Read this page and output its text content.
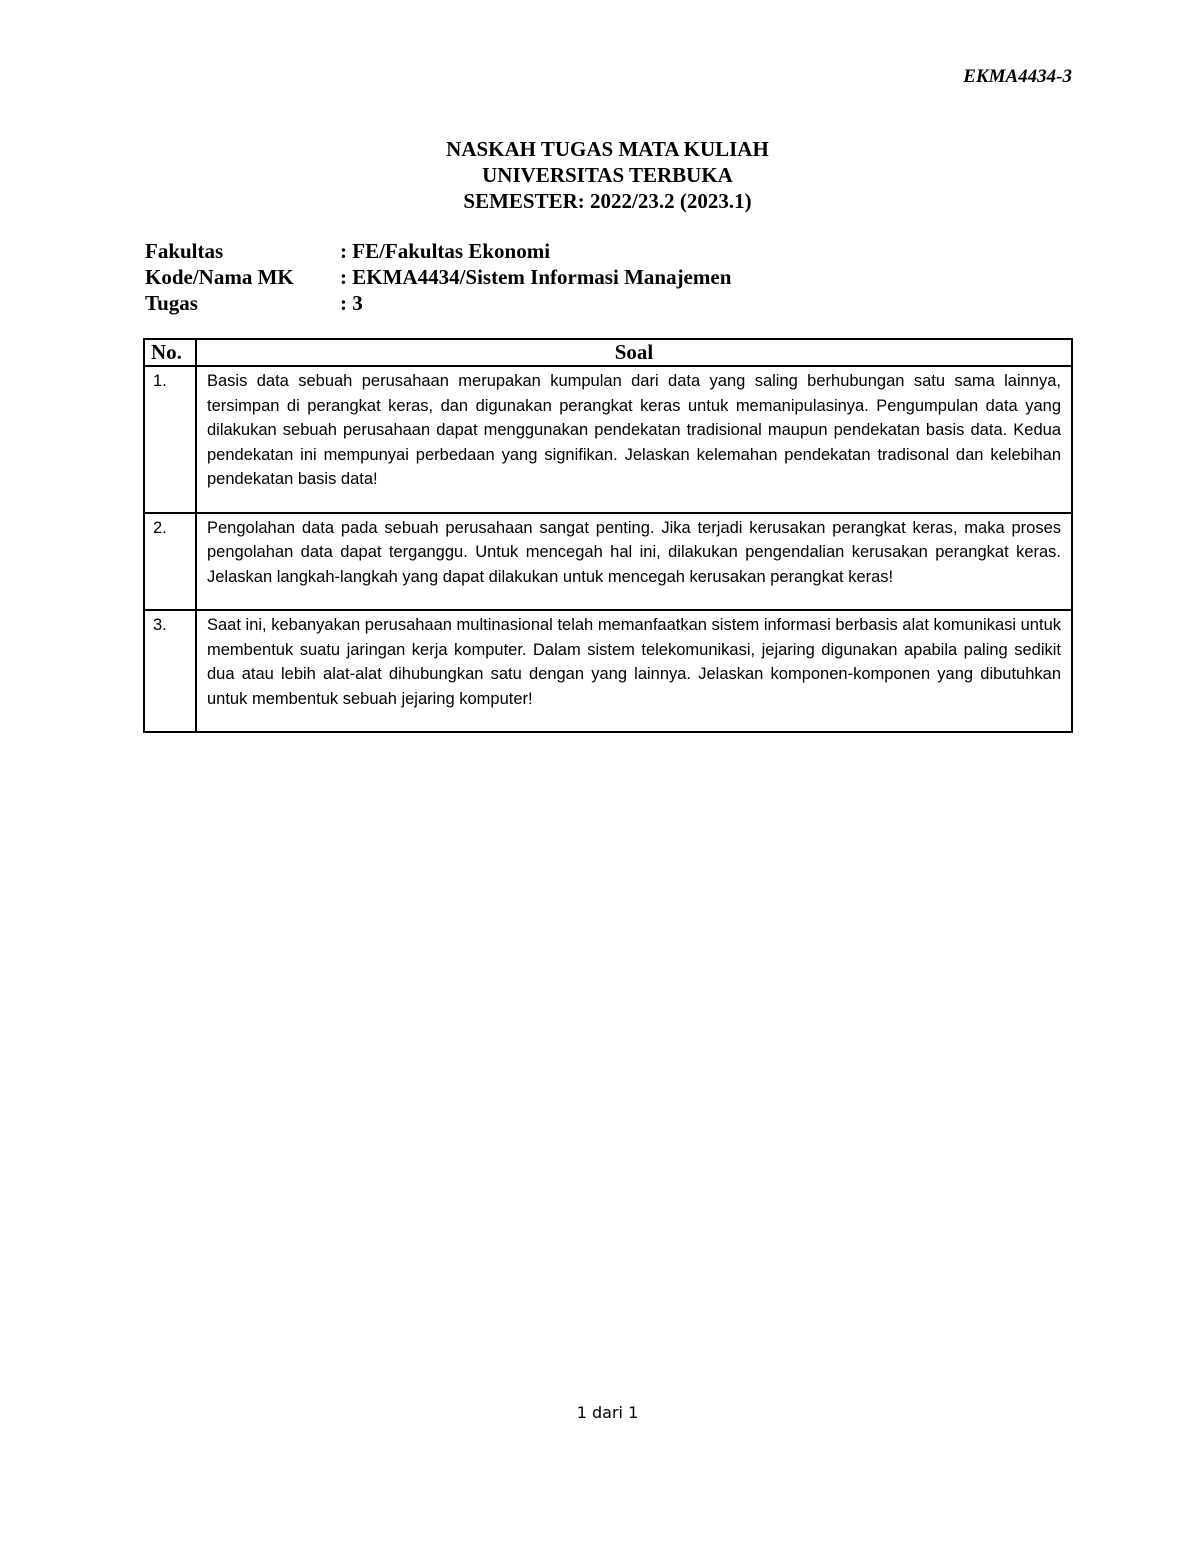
EKMA4434-3
NASKAH TUGAS MATA KULIAH
UNIVERSITAS TERBUKA
SEMESTER: 2022/23.2 (2023.1)
Fakultas	: FE/Fakultas Ekonomi
Kode/Nama MK	: EKMA4434/Sistem Informasi Manajemen
Tugas	: 3
No.	Soal
1.	Basis data sebuah perusahaan merupakan kumpulan dari data yang saling berhubungan satu sama lainnya, tersimpan di perangkat keras, dan digunakan perangkat keras untuk memanipulasinya. Pengumpulan data yang dilakukan sebuah perusahaan dapat menggunakan pendekatan tradisional maupun pendekatan basis data. Kedua pendekatan ini mempunyai perbedaan yang signifikan. Jelaskan kelemahan pendekatan tradisonal dan kelebihan pendekatan basis data!
2.	Pengolahan data pada sebuah perusahaan sangat penting. Jika terjadi kerusakan perangkat keras, maka proses pengolahan data dapat terganggu. Untuk mencegah hal ini, dilakukan pengendalian kerusakan perangkat keras. Jelaskan langkah-langkah yang dapat dilakukan untuk mencegah kerusakan perangkat keras!
3.	Saat ini, kebanyakan perusahaan multinasional telah memanfaatkan sistem informasi berbasis alat komunikasi untuk membentuk suatu jaringan kerja komputer. Dalam sistem telekomunikasi, jejaring digunakan apabila paling sedikit dua atau lebih alat-alat dihubungkan satu dengan yang lainnya. Jelaskan komponen-komponen yang dibutuhkan untuk membentuk sebuah jejaring komputer!
1 dari 1
